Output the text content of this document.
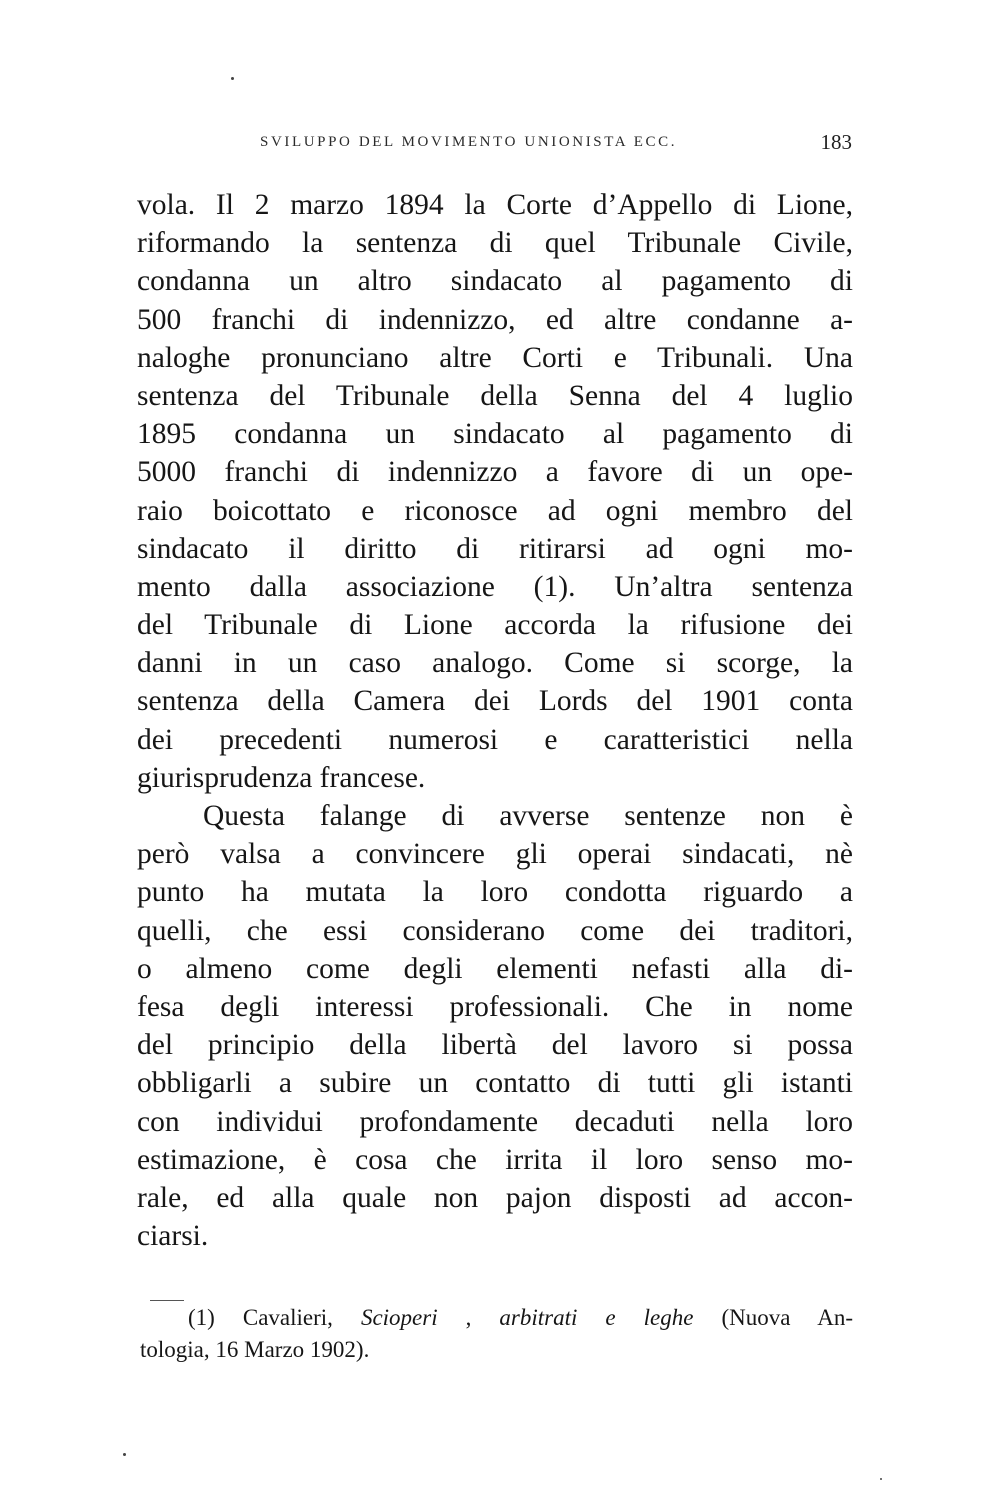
SVILUPPO DEL MOVIMENTO UNIONISTA ECC.	183
vola. Il 2 marzo 1894 la Corte d’Appello di Lione,
riformando la sentenza di quel Tribunale Civile,
condanna un altro sindacato al pagamento di
500 franchi di indennizzo, ed altre condanne a-
naloghe pronunciano altre Corti e Tribunali. Una
sentenza del Tribunale della Senna del 4 luglio
1895 condanna un sindacato al pagamento di
5000 franchi di indennizzo a favore di un ope-
raio boicottato e riconosce ad ogni membro del
sindacato il diritto di ritirarsi ad ogni mo-
mento dalla associazione (1). Un’altra sentenza
del Tribunale di Lione accorda la rifusione dei
danni in un caso analogo. Come si scorge, la
sentenza della Camera dei Lords del 1901 conta
dei precedenti numerosi e caratteristici nella
giurisprudenza francese.
Questa falange di avverse sentenze non è
però valsa a convincere gli operai sindacati, nè
punto ha mutata la loro condotta riguardo a
quelli, che essi considerano come dei traditori,
o almeno come degli elementi nefasti alla di-
fesa degli interessi professionali. Che in nome
del principio della libertà del lavoro si possa
obbligarli a subire un contatto di tutti gli istanti
con individui profondamente decaduti nella loro
estimazione, è cosa che irrita il loro senso mo-
rale, ed alla quale non pajon disposti ad accon-
ciarsi.
(1) Cavalieri, Scioperi , arbitrati e leghe (Nuova An-
tologia, 16 Marzo 1902).
